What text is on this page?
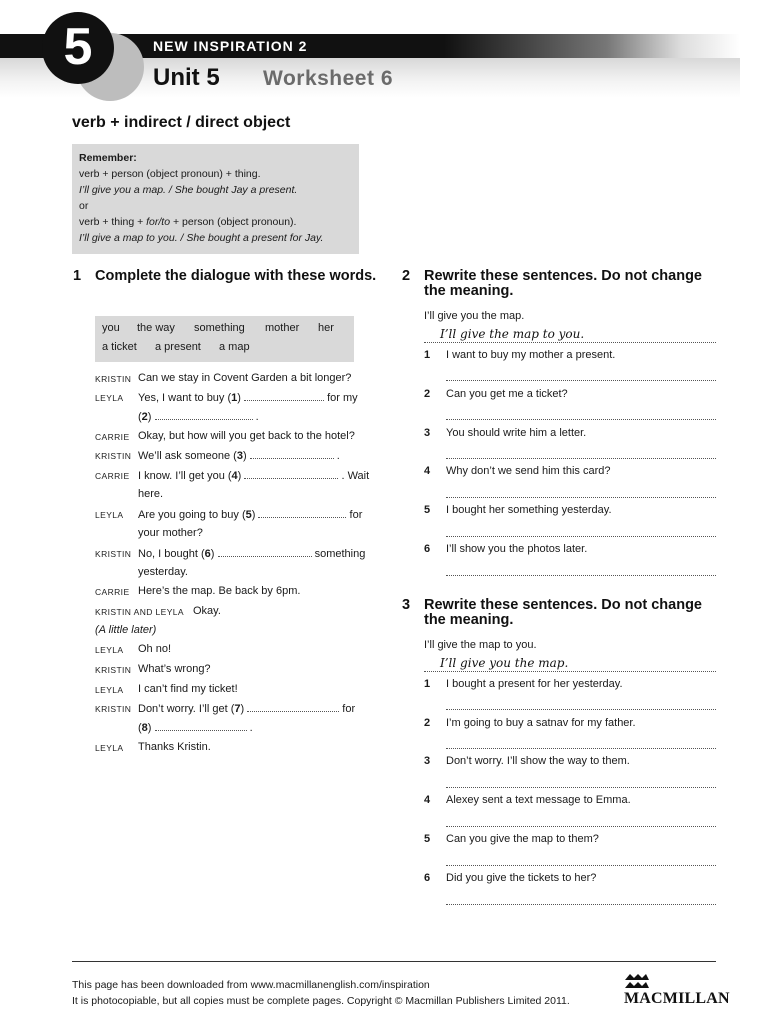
5	NEW INSPIRATION 2
Unit 5 Worksheet 6
verb + indirect / direct object
Remember:
verb + person (object pronoun) + thing.
I’ll give you a map. / She bought Jay a present.
or
verb + thing + for/to + person (object pronoun).
I’ll give a map to you. / She bought a present for Jay.
1 Complete the dialogue with these words.
you the way something mother her
a ticket a present a map
KRISTIN Can we stay in Covent Garden a bit longer?
LEYLA Yes, I want to buy (1)	for my
(2)	.
CARRIE Okay, but how will you get back to the hotel?
KRISTIN We’ll ask someone (3)	.
CARRIE I know. I’ll get you (4)	. Wait
here.
LEYLA Are you going to buy (5)	for
your mother?
KRISTIN No, I bought (6)	something
yesterday.
CARRIE Here’s the map. Be back by 6pm.
KRISTIN AND LEYLA Okay.
(A little later)
LEYLA Oh no!
KRISTIN What’s wrong?
LEYLA I can’t find my ticket!
KRISTIN Don’t worry. I’ll get (7)	for
(8)	.
LEYLA Thanks Kristin.
2 Rewrite these sentences. Do not change the meaning.
I’ll give you the map.
I’ll give the map to you.
1 I want to buy my mother a present.
2 Can you get me a ticket?
3 You should write him a letter.
4 Why don’t we send him this card?
5 I bought her something yesterday.
6 I’ll show you the photos later.
3 Rewrite these sentences. Do not change the meaning.
I’ll give the map to you.
I’ll give you the map.
1 I bought a present for her yesterday.
2 I’m going to buy a satnav for my father.
3 Don’t worry. I’ll show the way to them.
4 Alexey sent a text message to Emma.
5 Can you give the map to them?
6 Did you give the tickets to her?
This page has been downloaded from www.macmillanenglish.com/inspiration
It is photocopiable, but all copies must be complete pages. Copyright © Macmillan Publishers Limited 2011.	MACMILLAN
